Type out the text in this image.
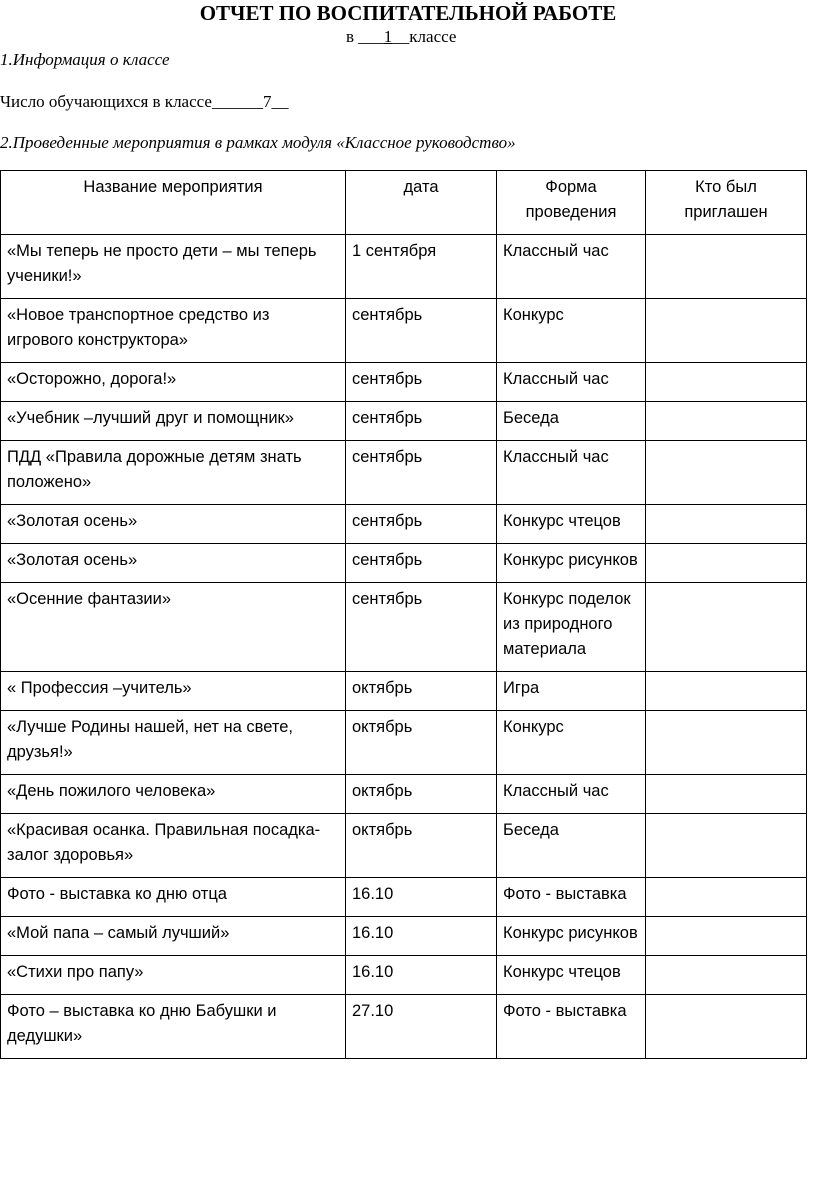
ОТЧЕТ ПО ВОСПИТАТЕЛЬНОЙ РАБОТЕ
в ___1__классе
1.Информация о классе
Число обучающихся в классе______7__
2.Проведенные мероприятия в рамках модуля «Классное руководство»
Название мероприятия	дата	Форма проведения	Кто был приглашен
«Мы теперь не просто дети – мы теперь ученики!»	1 сентября	Классный час	
«Новое транспортное средство из игрового конструктора»	сентябрь	Конкурс	
«Осторожно, дорога!»	сентябрь	Классный час	
«Учебник –лучший друг и помощник»	сентябрь	Беседа	
ПДД «Правила дорожные детям знать положено»	сентябрь	Классный час	
«Золотая осень»	сентябрь	Конкурс чтецов	
«Золотая осень»	сентябрь	Конкурс рисунков	
«Осенние фантазии»	сентябрь	Конкурс поделок из природного материала	
« Профессия –учитель»	октябрь	Игра	
«Лучше Родины нашей, нет на свете, друзья!»	октябрь	Конкурс	
«День пожилого человека»	октябрь	Классный час	
«Красивая осанка. Правильная посадка- залог здоровья»	октябрь	Беседа	
Фото - выставка ко дню отца	16.10	Фото - выставка	
«Мой папа – самый лучший»	16.10	Конкурс рисунков	
«Стихи про папу»	16.10	Конкурс чтецов	
Фото – выставка ко дню Бабушки и дедушки»	27.10	Фото - выставка	
